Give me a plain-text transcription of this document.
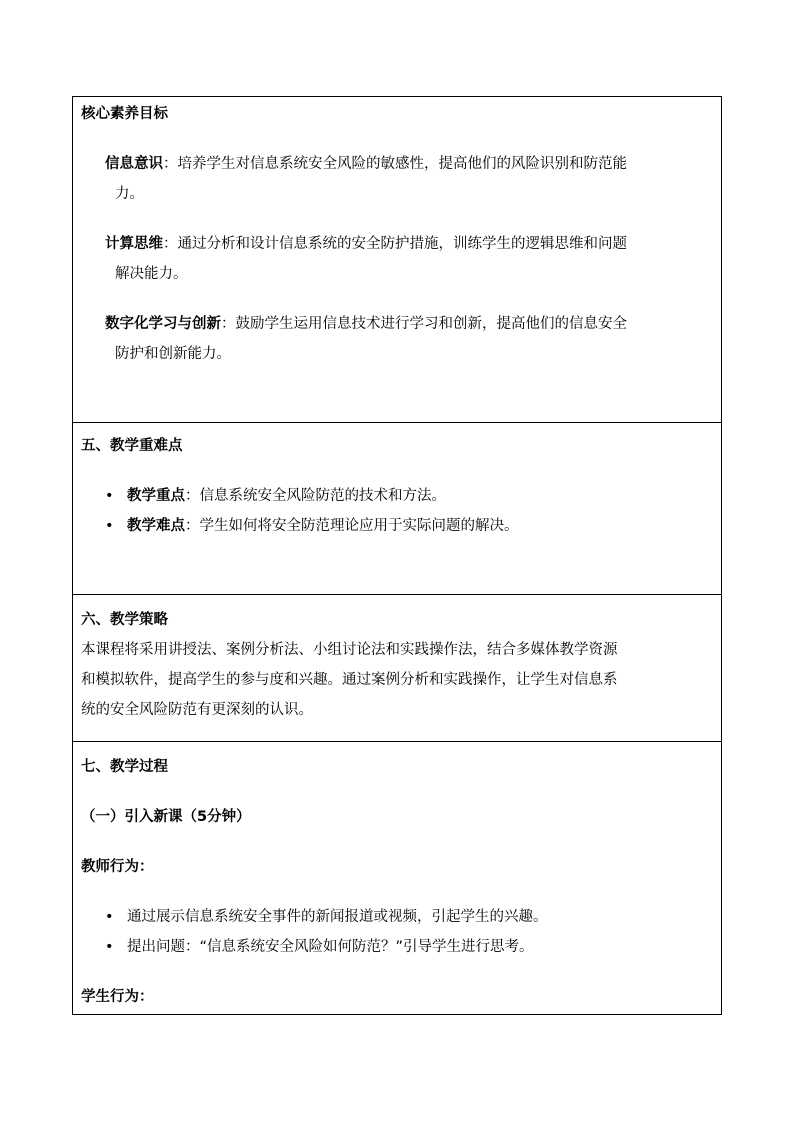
核心素养目标
信息意识：培养学生对信息系统安全风险的敏感性，提高他们的风险识别和防范能
力。
计算思维：通过分析和设计信息系统的安全防护措施，训练学生的逻辑思维和问题
解决能力。
数字化学习与创新：鼓励学生运用信息技术进行学习和创新，提高他们的信息安全
防护和创新能力。

五、教学重难点
• 教学重点：信息系统安全风险防范的技术和方法。
• 教学难点：学生如何将安全防范理论应用于实际问题的解决。

六、教学策略
本课程将采用讲授法、案例分析法、小组讨论法和实践操作法，结合多媒体教学资源
和模拟软件，提高学生的参与度和兴趣。通过案例分析和实践操作，让学生对信息系
统的安全风险防范有更深刻的认识。

七、教学过程
（一）引入新课（5分钟）
教师行为：
• 通过展示信息系统安全事件的新闻报道或视频，引起学生的兴趣。
• 提出问题：“信息系统安全风险如何防范？”引导学生进行思考。
学生行为：
